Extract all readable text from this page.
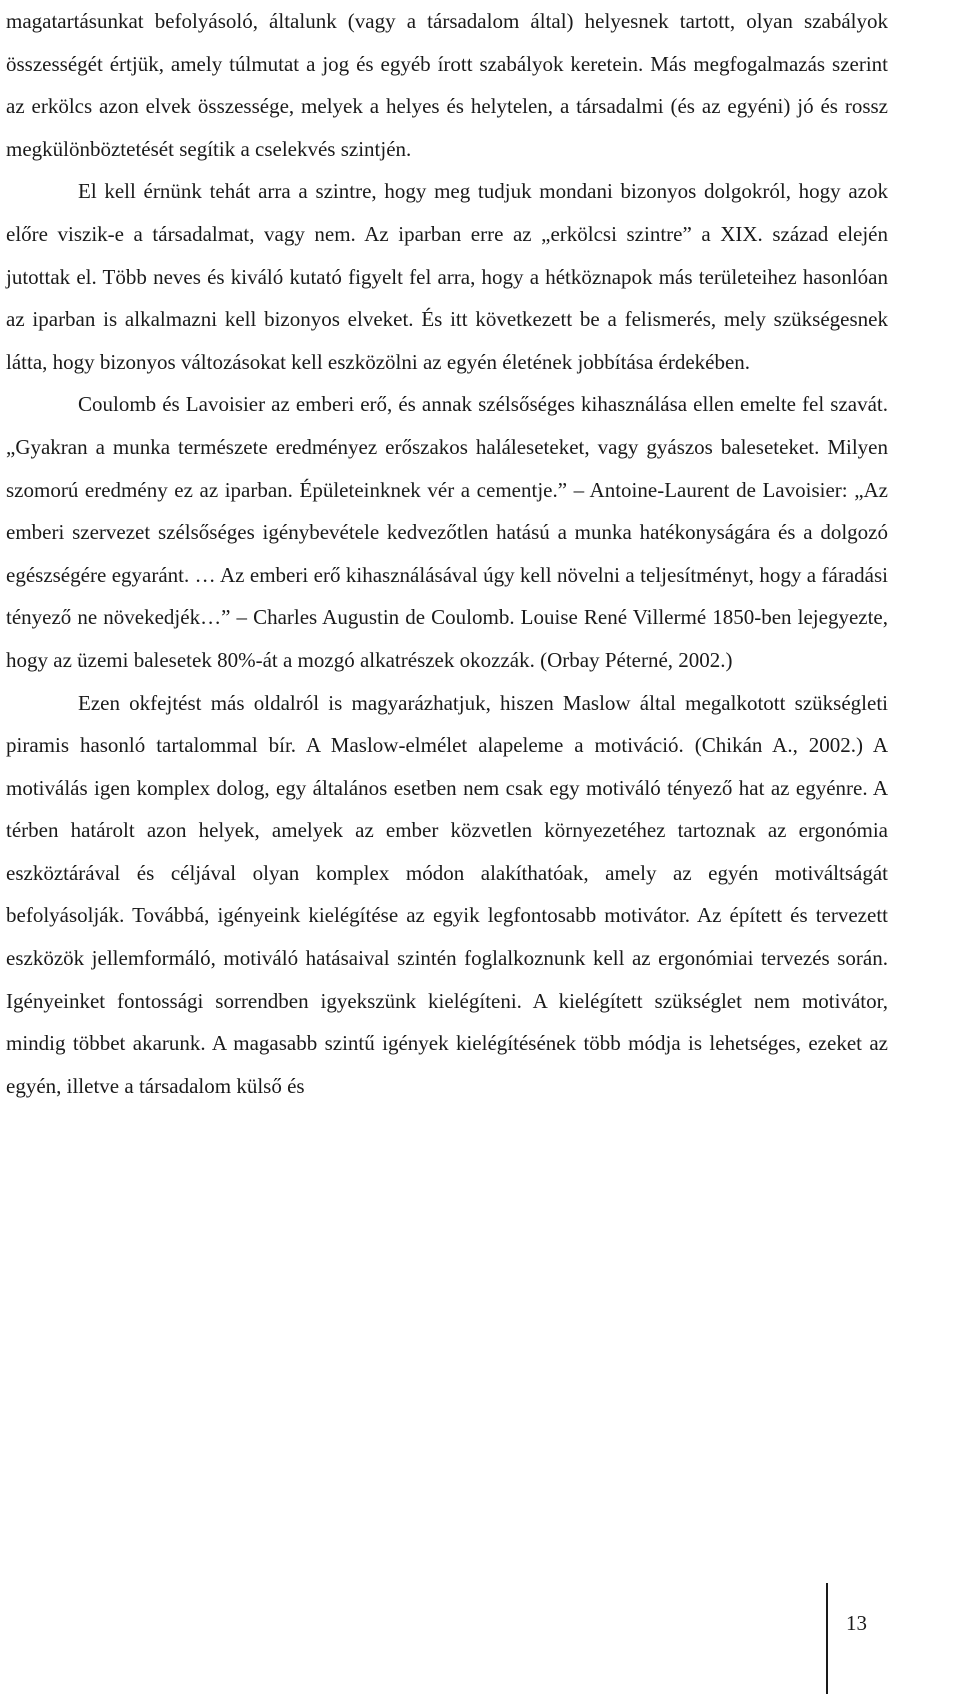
magatartásunkat befolyásoló, általunk (vagy a társadalom által) helyesnek tartott, olyan szabályok összességét értjük, amely túlmutat a jog és egyéb írott szabályok keretein. Más megfogalmazás szerint az erkölcs azon elvek összessége, melyek a helyes és helytelen, a társadalmi (és az egyéni) jó és rossz megkülönböztetését segítik a cselekvés szintjén.

El kell érnünk tehát arra a szintre, hogy meg tudjuk mondani bizonyos dolgokról, hogy azok előre viszik-e a társadalmat, vagy nem. Az iparban erre az „erkölcsi szintre” a XIX. század elején jutottak el. Több neves és kiváló kutató figyelt fel arra, hogy a hétköznapok más területeihez hasonlóan az iparban is alkalmazni kell bizonyos elveket. És itt következett be a felismerés, mely szükségesnek látta, hogy bizonyos változásokat kell eszközölni az egyén életének jobbítása érdekében.

Coulomb és Lavoisier az emberi erő, és annak szélsőséges kihasználása ellen emelte fel szavát. „Gyakran a munka természete eredményez erőszakos haláleseteket, vagy gyászos baleseteket. Milyen szomorú eredmény ez az iparban. Épületeinknek vér a cementje.” – Antoine-Laurent de Lavoisier: „Az emberi szervezet szélsőséges igénybevétele kedvezőtlen hatású a munka hatékonyságára és a dolgozó egészségére egyaránt. … Az emberi erő kihasználásával úgy kell növelni a teljesítményt, hogy a fáradási tényező ne növekedjék…” – Charles Augustin de Coulomb. Louise René Villermé 1850-ben lejegyezte, hogy az üzemi balesetek 80%-át a mozgó alkatrészek okozzák. (Orbay Péterné, 2002.)

Ezen okfejtést más oldalról is magyarázhatjuk, hiszen Maslow által megalkotott szükségleti piramis hasonló tartalommal bír. A Maslow-elmélet alapeleme a motiváció. (Chikán A., 2002.) A motiválás igen komplex dolog, egy általános esetben nem csak egy motiváló tényező hat az egyénre. A térben határolt azon helyek, amelyek az ember közvetlen környezetéhez tartoznak az ergonómia eszköztárával és céljával olyan komplex módon alakíthatóak, amely az egyén motiváltságát befolyásolják. Továbbá, igényeink kielégítése az egyik legfontosabb motivátor. Az épített és tervezett eszközök jellemformáló, motiváló hatásaival szintén foglalkoznunk kell az ergonómiai tervezés során. Igényeinket fontossági sorrendben igyekszünk kielégíteni. A kielégített szükséglet nem motivátor, mindig többet akarunk. A magasabb szintű igények kielégítésének több módja is lehetséges, ezeket az egyén, illetve a társadalom külső és

13
